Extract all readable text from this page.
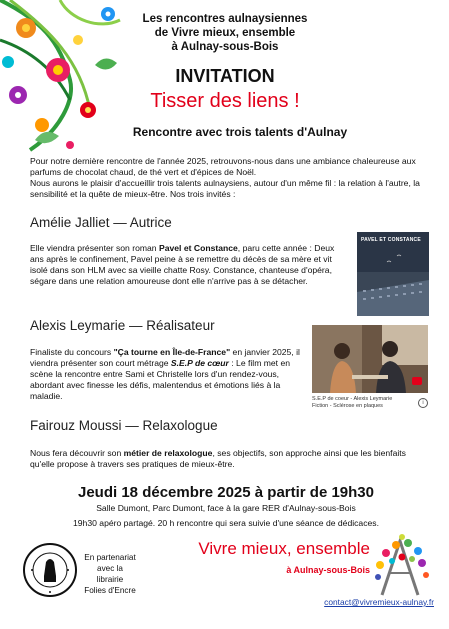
Les rencontres aulnaysiennes
de Vivre mieux, ensemble
à Aulnay-sous-Bois
INVITATION
Tisser des liens !
Rencontre avec trois talents d'Aulnay

Pour notre dernière rencontre de l'année 2025, retrouvons-nous dans une ambiance chaleureuse aux parfums de chocolat chaud, de thé vert et d'épices de Noël.

Nous aurons le plaisir d'accueillir trois talents aulnaysiens, autour d'un même fil : la relation à l'autre, la sensibilité et la quête de mieux-être. Nos trois invités :

Amélie Jalliet — Autrice
Elle viendra présenter son roman Pavel et Constance, paru cette année : Deux ans après le confinement, Pavel peine à se remettre du décès de sa mère et vit isolé dans son HLM avec sa vieille chatte Rosy. Constance, chanteuse d'opéra, ségare dans une relation amoureuse dont elle n'arrive pas à se détacher.
PAVEL ET CONSTANCE
Alexis Leymarie — Réalisateur
Finaliste du concours "Ça tourne en Île-de-France" en janvier 2025, il viendra présenter son court métrage S.E.P de cœur : Le film met en scène la rencontre entre Sami et Christelle lors d'un rendez-vous, abordant avec finesse les défis, malentendus et émotions liés à la maladie.	S.E.P de coeur - Alexis Leymarie
Fiction - Sclérose en plaques	i
Fairouz Moussi — Relaxologue
Nous fera découvrir son métier de relaxologue, ses objectifs, son approche ainsi que les bienfaits qu'elle propose à travers ses pratiques de mieux-être.
Jeudi 18 décembre 2025 à partir de 19h30
Salle Dumont, Parc Dumont, face à la gare RER d'Aulnay-sous-Bois
19h30 apéro partagé. 20 h rencontre qui sera suivie d'une séance de dédicaces.
En partenariat
avec la
librairie
Folies d'Encre
Vivre mieux, ensemble
à Aulnay-sous-Bois
contact@vivremieux-aulnay.fr
